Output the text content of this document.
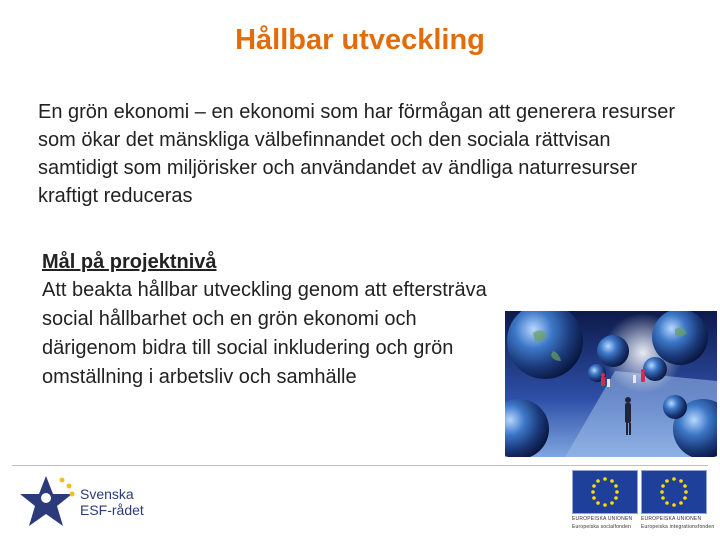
Hållbar utveckling
En grön ekonomi – en ekonomi som har förmågan att generera resurser som ökar det mänskliga välbefinnandet och den sociala rättvisan samtidigt som miljörisker och användandet av ändliga naturresurser kraftigt reduceras
Mål på projektnivå
Att beakta hållbar utveckling genom att eftersträva social hållbarhet och en grön ekonomi och därigenom bidra till social inkludering och grön omställning i arbetsliv och samhälle
Svenska
ESF-rådet
EUROPEISKA UNIONEN
Europeiska socialfonden
EUROPEISKA UNIONEN
Europeiska integrationsfonden
